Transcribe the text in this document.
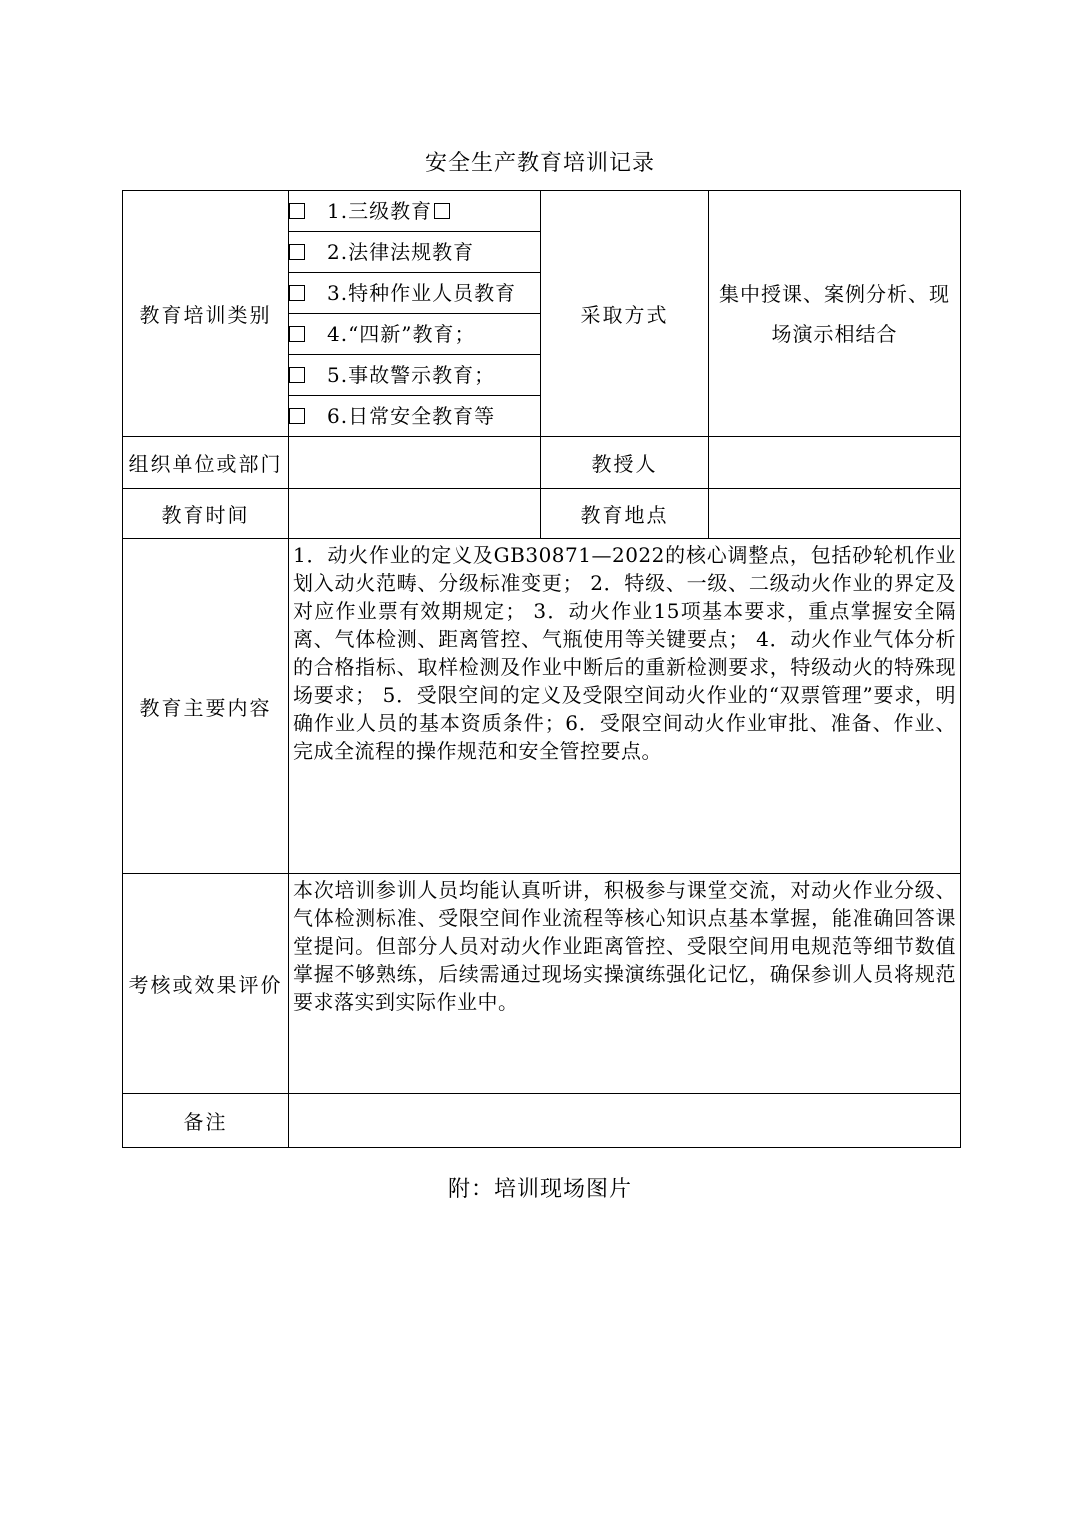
安全生产教育培训记录
教育培训类别	1.三级教育	采取方式	集中授课、案例分析、现场演示相结合
	2.法律法规教育		
	3.特种作业人员教育		
	4.“四新”教育；		
	5.事故警示教育；		
	6.日常安全教育等		
组织单位或部门		教授人	
教育时间		教育地点	
教育主要内容	1．动火作业的定义及GB30871—2022的核心调整点，包括砂轮机作业划入动火范畴、分级标准变更； 2．特级、一级、二级动火作业的界定及对应作业票有效期规定； 3．动火作业15项基本要求，重点掌握安全隔离、气体检测、距离管控、气瓶使用等关键要点； 4．动火作业气体分析的合格指标、取样检测及作业中断后的重新检测要求，特级动火的特殊现场要求； 5．受限空间的定义及受限空间动火作业的“双票管理”要求，明确作业人员的基本资质条件；6．受限空间动火作业审批、准备、作业、完成全流程的操作规范和安全管控要点。		
考核或效果评价	本次培训参训人员均能认真听讲，积极参与课堂交流，对动火作业分级、气体检测标准、受限空间作业流程等核心知识点基本掌握，能准确回答课堂提问。但部分人员对动火作业距离管控、受限空间用电规范等细节数值掌握不够熟练，后续需通过现场实操演练强化记忆，确保参训人员将规范要求落实到实际作业中。		
备注			
附：培训现场图片
